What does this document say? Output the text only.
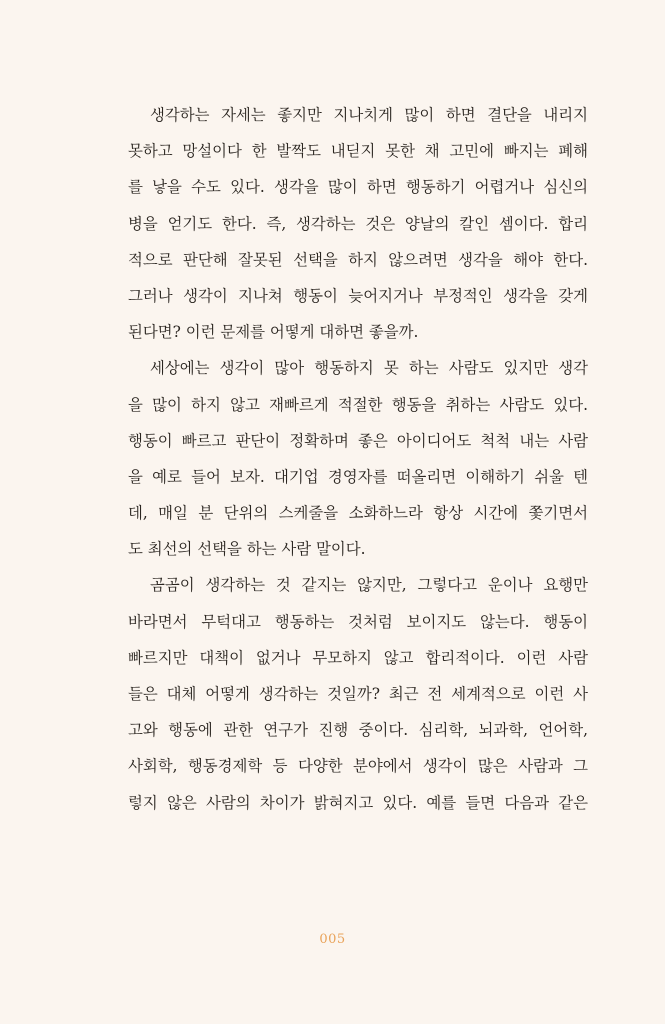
생각하는 자세는 좋지만 지나치게 많이 하면 결단을 내리지
못하고 망설이다 한 발짝도 내딛지 못한 채 고민에 빠지는 폐해
를 낳을 수도 있다. 생각을 많이 하면 행동하기 어렵거나 심신의
병을 얻기도 한다. 즉, 생각하는 것은 양날의 칼인 셈이다. 합리
적으로 판단해 잘못된 선택을 하지 않으려면 생각을 해야 한다.
그러나 생각이 지나쳐 행동이 늦어지거나 부정적인 생각을 갖게
된다면? 이런 문제를 어떻게 대하면 좋을까.
세상에는 생각이 많아 행동하지 못 하는 사람도 있지만 생각
을 많이 하지 않고 재빠르게 적절한 행동을 취하는 사람도 있다.
행동이 빠르고 판단이 정확하며 좋은 아이디어도 척척 내는 사람
을 예로 들어 보자. 대기업 경영자를 떠올리면 이해하기 쉬울 텐
데, 매일 분 단위의 스케줄을 소화하느라 항상 시간에 쫓기면서
도 최선의 선택을 하는 사람 말이다.
곰곰이 생각하는 것 같지는 않지만, 그렇다고 운이나 요행만
바라면서 무턱대고 행동하는 것처럼 보이지도 않는다. 행동이
빠르지만 대책이 없거나 무모하지 않고 합리적이다. 이런 사람
들은 대체 어떻게 생각하는 것일까? 최근 전 세계적으로 이런 사
고와 행동에 관한 연구가 진행 중이다. 심리학, 뇌과학, 언어학,
사회학, 행동경제학 등 다양한 분야에서 생각이 많은 사람과 그
렇지 않은 사람의 차이가 밝혀지고 있다. 예를 들면 다음과 같은
005
